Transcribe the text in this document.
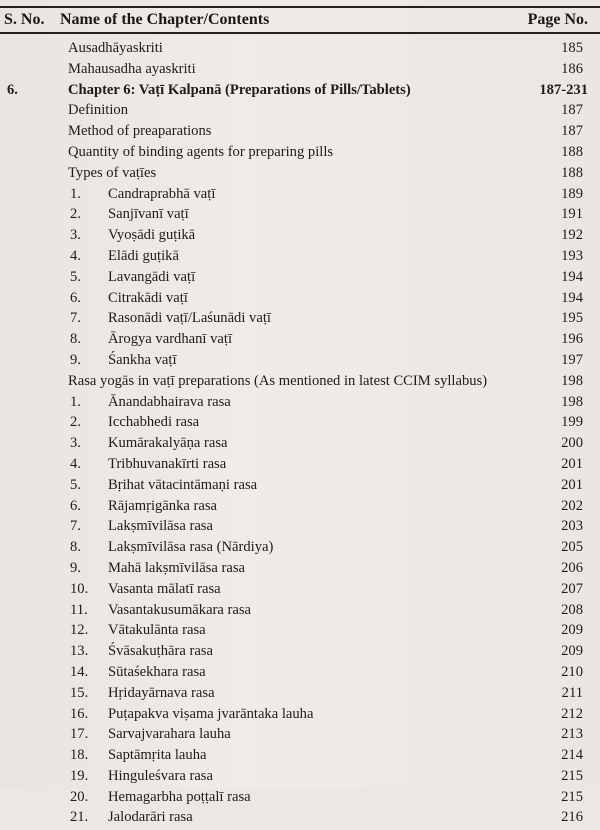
S. No. Name of the Chapter/Contents	Page No.
Ausadhāyaskriti	185
Mahausadha ayaskriti	186
6.	Chapter 6: Vaṭī Kalpanā (Preparations of Pills/Tablets)	187-231
Definition	187
Method of preaparations	187
Quantity of binding agents for preparing pills	188
Types of vaṭīes	188
1. Candraprabhā vaṭī	189
2. Sanjīvanī vaṭī	191
3. Vyoṣādi guṭikā	192
4. Elādi guṭikā	193
5. Lavangādi vaṭī	194
6. Citrakādi vaṭī	194
7. Rasonādi vaṭī/Laśunādi vaṭī	195
8. Ārogya vardhanī vaṭī	196
9. Śankha vaṭī	197
Rasa yogās in vaṭī preparations (As mentioned in latest CCIM syllabus)	198
1. Ānandabhairava rasa	198
2. Icchabhedi rasa	199
3. Kumārakalyāṇa rasa	200
4. Tribhuvanakīrti rasa	201
5. Bṛihat vātacintāmaṇi rasa	201
6. Rājamṛigānka rasa	202
7. Lakṣmīvilāsa rasa	203
8. Lakṣmīvilāsa rasa (Nārdiya)	205
9. Mahā lakṣmīvilāsa rasa	206
10. Vasanta mālatī rasa	207
11. Vasantakusumākara rasa	208
12. Vātakulānta rasa	209
13. Śvāsakuṭhāra rasa	209
14. Sūtaśekhara rasa	210
15. Hṛidayārnava rasa	211
16. Puṭapakva viṣama jvarāntaka lauha	212
17. Sarvajvarahara lauha	213
18. Saptāmṛita lauha	214
19. Hinguleśvara rasa	215
20. Hemagarbha poṭṭalī rasa	215
21. Jalodarāri rasa	216
